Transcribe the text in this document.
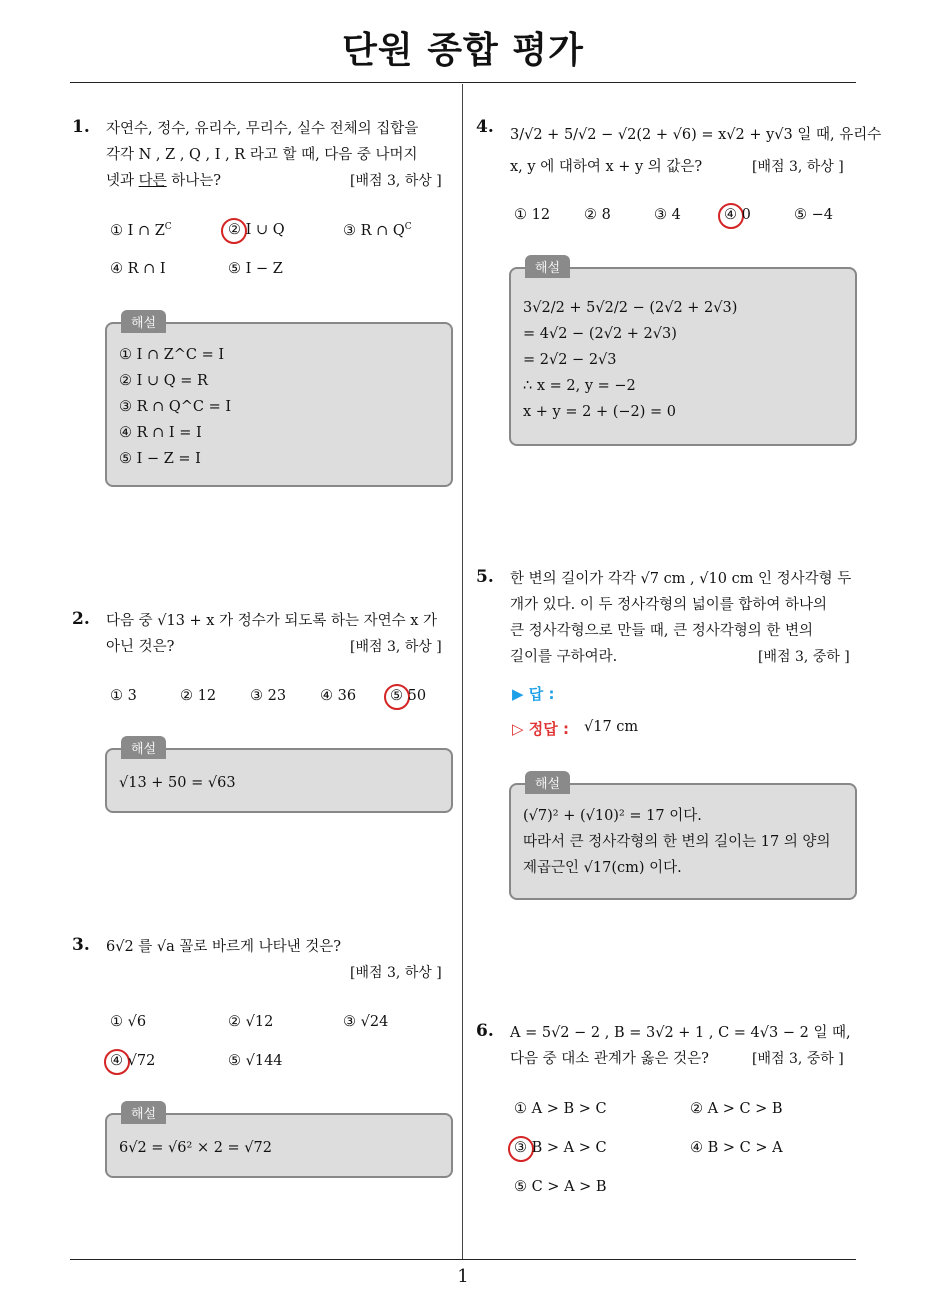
단원 종합 평가
1
1. 자연수, 정수, 유리수, 무리수, 실수 전체의 집합을
각각 N , Z , Q , I , R 라고 할 때, 다음 중 나머지
넷과 다른 하나는?	[배점 3, 하상 ]
① I ∩ $Z^C$	② I ∪ Q	③ R ∩ $Q^C$
④ R ∩ I	⑤ I − Z
해설
① I ∩ Z^C = I
② I ∪ Q = R
③ R ∩ Q^C = I
④ R ∩ I = I
⑤ I − Z = I
2. 다음 중 √13 + x 가 정수가 되도록 하는 자연수 x 가
아닌 것은?	[배점 3, 하상 ]
① 3	② 12 ③ 23 ④ 36 ⑤ 50
해설
√13 + 50 = √63
3. 6√2 를 √a 꼴로 바르게 나타낸 것은?
[배점 3, 하상 ]
① √6	② √12	③ √24
④ √72	⑤ √144
해설
6√2 = √6² × 2 = √72
4. 3/√2 + 5/√2 − √2(2 + √6) = x√2 + y√3 일 때, 유리수
x, y 에 대하여 x + y 의 값은?	[배점 3, 하상 ]
① 12 ② 8	③ 4	④ 0	⑤ −4
해설
3√2/2 + 5√2/2 − (2√2 + 2√3)
= 4√2 − (2√2 + 2√3)
= 2√2 − 2√3
∴ x = 2, y = −2
x + y = 2 + (−2) = 0
5. 한 변의 길이가 각각 √7 cm , √10 cm 인 정사각형 두
개가 있다. 이 두 정사각형의 넓이를 합하여 하나의
큰 정사각형으로 만들 때, 큰 정사각형의 한 변의
길이를 구하여라.	[배점 3, 중하 ]
▶ 답 :
▷ 정답 : √17 cm
해설
(√7)² + (√10)² = 17 이다.
따라서 큰 정사각형의 한 변의 길이는 17 의 양의
제곱근인 √17(cm) 이다.
6. A = 5√2 − 2 , B = 3√2 + 1 , C = 4√3 − 2 일 때,
다음 중 대소 관계가 옳은 것은?	[배점 3, 중하 ]
① A > B > C	② A > C > B
③ B > A > C	④ B > C > A
⑤ C > A > B
